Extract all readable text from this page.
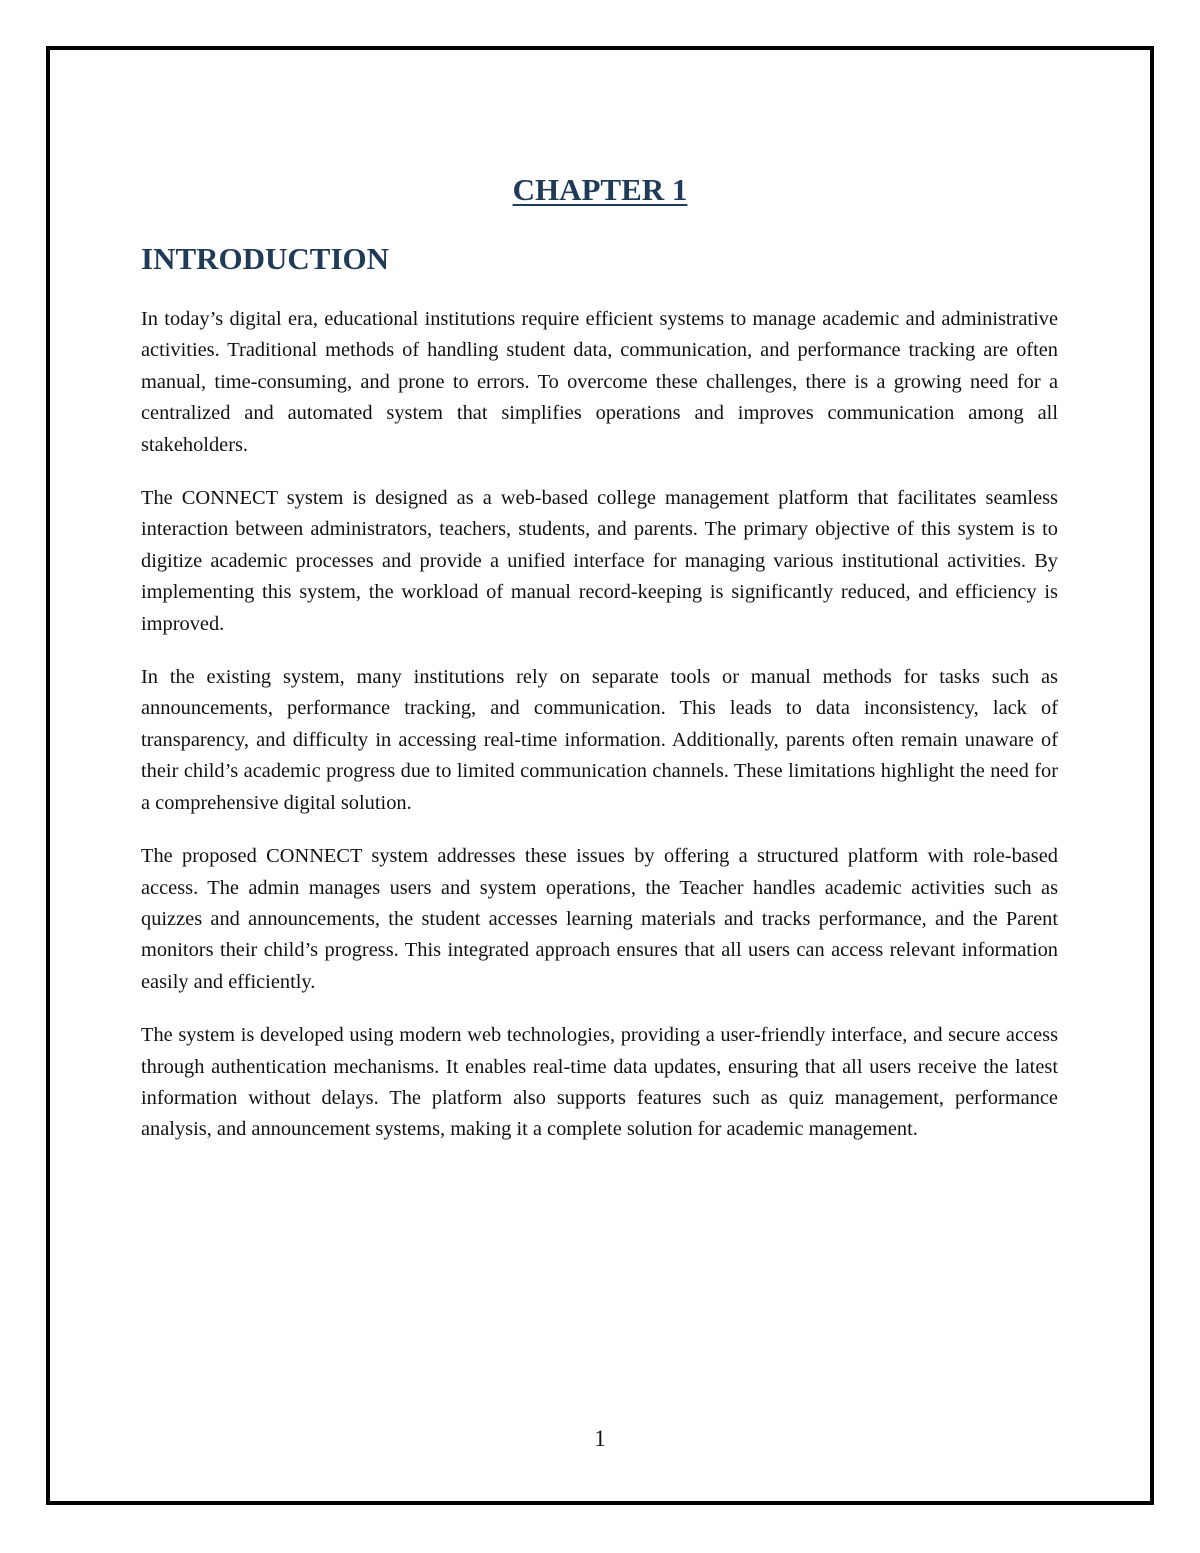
CHAPTER 1
INTRODUCTION

In today’s digital era, educational institutions require efficient systems to manage academic and administrative activities. Traditional methods of handling student data, communication, and performance tracking are often manual, time-consuming, and prone to errors. To overcome these challenges, there is a growing need for a centralized and automated system that simplifies operations and improves communication among all stakeholders.

The CONNECT system is designed as a web-based college management platform that facilitates seamless interaction between administrators, teachers, students, and parents. The primary objective of this system is to digitize academic processes and provide a unified interface for managing various institutional activities. By implementing this system, the workload of manual record-keeping is significantly reduced, and efficiency is improved.

In the existing system, many institutions rely on separate tools or manual methods for tasks such as announcements, performance tracking, and communication. This leads to data inconsistency, lack of transparency, and difficulty in accessing real-time information. Additionally, parents often remain unaware of their child’s academic progress due to limited communication channels. These limitations highlight the need for a comprehensive digital solution.

The proposed CONNECT system addresses these issues by offering a structured platform with role-based access. The admin manages users and system operations, the Teacher handles academic activities such as quizzes and announcements, the student accesses learning materials and tracks performance, and the Parent monitors their child’s progress. This integrated approach ensures that all users can access relevant information easily and efficiently.

The system is developed using modern web technologies, providing a user-friendly interface, and secure access through authentication mechanisms. It enables real-time data updates, ensuring that all users receive the latest information without delays. The platform also supports features such as quiz management, performance analysis, and announcement systems, making it a complete solution for academic management.

1
